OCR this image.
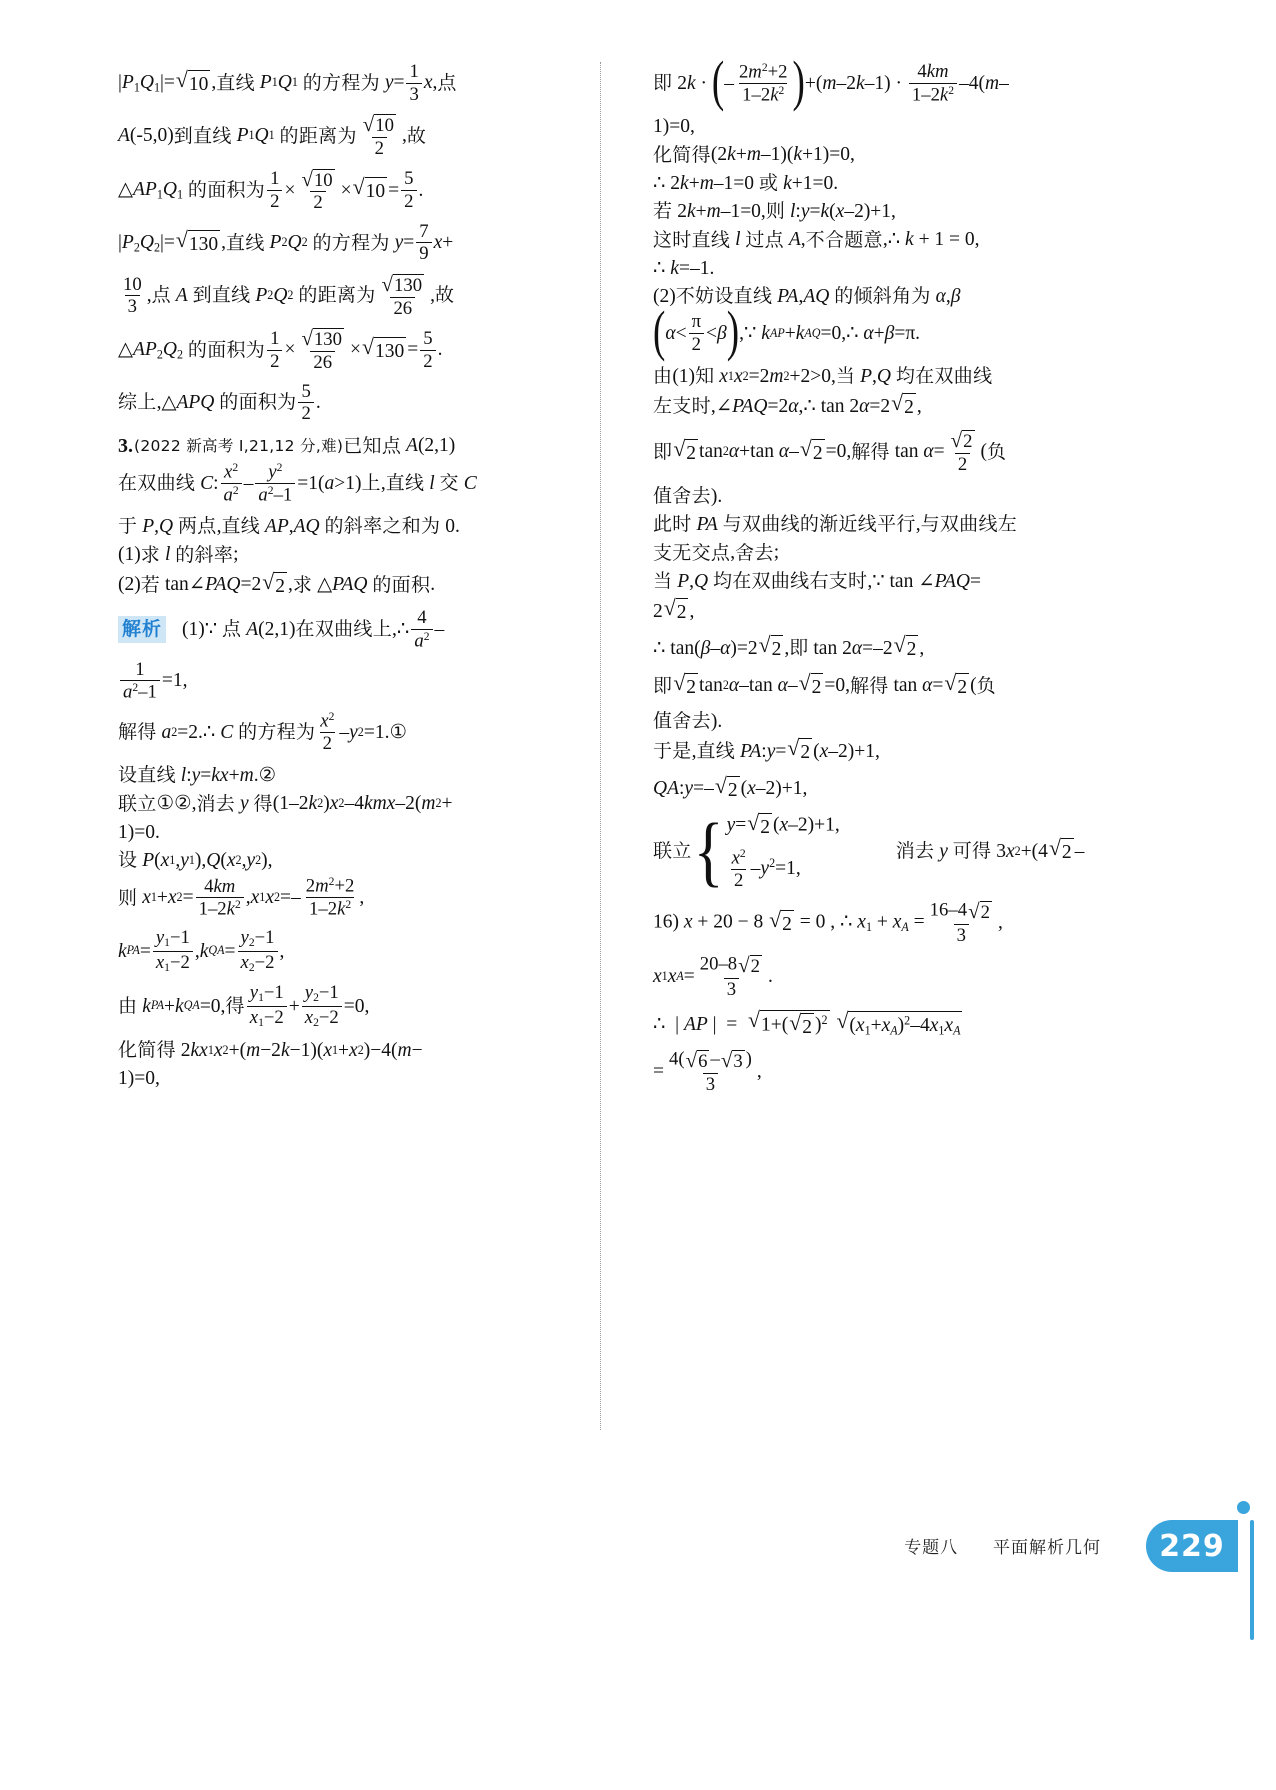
$|P_1Q_1|=$ √ 10 , 直线 P 1 Q 1
的方程为
$y = \frac{1}{3}$ x , 点
A (-5,0) 到直线 P 1 Q 1
的距离为 $\frac{√ 10}{2}$ , 故
$\triangle AP_1Q_1$
的面积为 $\frac{1}{2} \times \frac{√ 10}{2}$ × √ $10 = \frac{5}{2}$ .
$|P_2Q_2|=$ √ 130 , 直线 P 2 Q 2
的方程为
$y = \frac{7}{9}$ x +
$\frac{10}{3}$ , 点
A
到直线 P 2 Q 2
的距离为 $\frac{√ 130}{26}$ , 故
$\triangle AP_2Q_2$
的面积为 $\frac{1}{2} \times \frac{√ 130}{26}$ × √ $130 = \frac{5}{2}$ .
综上 , △APQ
的面积为 $\frac{5}{2}$ .
3. (2022 新高考 Ⅰ,21,12 分,难) 已知点
A (2,1)
在双曲线
C : $\frac{x^2}{a^2} - \frac{y^2}{a^2-1} =1(a>1)$ 上 , 直线
l
交
C
于
P , Q
两点 , 直线
AP , AQ
的斜率之和为 0.
(1) 求
l
的斜率 ;
(2) 若 tan∠ PAQ =2 √ 2 , 求 △ PAQ
的面积 .
解析 (1)∵
点
A (2,1) 在双曲线上 ,∴ $\frac{4}{a^2}$ –
$\frac{1}{a^2-1} =1$,
解得
a 2 =2.∴ C
的方程为 $\frac{x^2}{2}$ – y 2 =1.①
设直线
l : y = kx + m .②
联立 ①②, 消去
y
得 (1–2 k 2 ) x 2 –4 kmx –2( m 2 +
1)=0.
设
P ( x 1 , y 1 ), Q ( x 2 , y 2 ),
则
x 1 + x $2 = \frac{4km}{1-2k^2}$ , x 1 x $2 =- \frac{2m^2+2}{1-2k^2}$ ,
k PA = $\frac{y_1-1}{x_1-2}$ , k QA = $\frac{y_2-1}{x_2-2}$ ,
由
k PA + k QA =0, 得 $\frac{y_1-1}{x_1-2} + \frac{y_2-1}{x_2-2} =0$,
化简得 2 kx 1 x 2 +( m −2 k −1)( x 1 + x 2 )−4( m −
1)=0,
即 2 k · ( – $\frac{2m^2+2}{1-2k^2}$ ) +( m –2 k $-1) \cdot \frac{4km}{1-2k^2} -4$( m –
1)=0,
化简得 (2 k + m –1)( k +1)=0,
∴ 2 k + m –1=0 或
k +1=0.
若 2 k + m –1=0, 则
l : y = k ( x –2)+1,
这时直线
l
过点
A , 不合题意 ,∴ k + 1 = 0,
∴ k =–1.
(2) 不妨设直线
PA , AQ
的倾斜角为
α , β
( $\alpha < \frac{\pi}{2} < \beta$ ) ,∵ k AP + k AQ =0,∴ α + β =π.
由 (1) 知
x 1 x 2 =2 m 2 +2>0, 当
P , Q
均在双曲线
左支时 ,∠ PAQ =2 α ,∴ tan 2 α =2 √ 2 ,
即 √ 2 tan 2 α +tan α – √ 2 =0, 解得 $\tan \alpha = \frac{√ 2}{2}$ ( 负
值舍去 ).
此时
PA
与双曲线的渐近线平行 , 与双曲线左
支无交点 , 舍去 ;
当
P , Q
均在双曲线右支时 ,∵ tan ∠ PAQ =
2 √ 2 ,
∴ tan( β – α )=2 √ 2 , 即 tan 2 α =–2 √ 2 ,
即 √ 2 tan 2 α –tan α – √ 2 =0, 解得 tan α = √ 2 ( 负
值舍去 ).
于是 , 直线
PA : y = √ 2 ( x –2)+1,
QA : y =– √ 2 ( x –2)+1,
联立 { y= √ 2 (x–2)+1,
$\frac{x^2}{2} -y^2=1$,
消去
y
可得 3 x 2 +(4 √ 2 –
16) x + 20 − 8 √ 2 = 0 , ∴ $x_1 + x_A = \frac{16-4 √ 2}{3}$ ,
x 1 x $A = \frac{20-8 √ 2}{3}$ .
∴  | AP |  = √ 1+( √ 2 )$^2$
√ $(x_1+x_A)^2-4x_1x_A$
= $\frac{4( √ 6 - √ 3 )}{3}$ ,
专题八 平面解析几何	229
